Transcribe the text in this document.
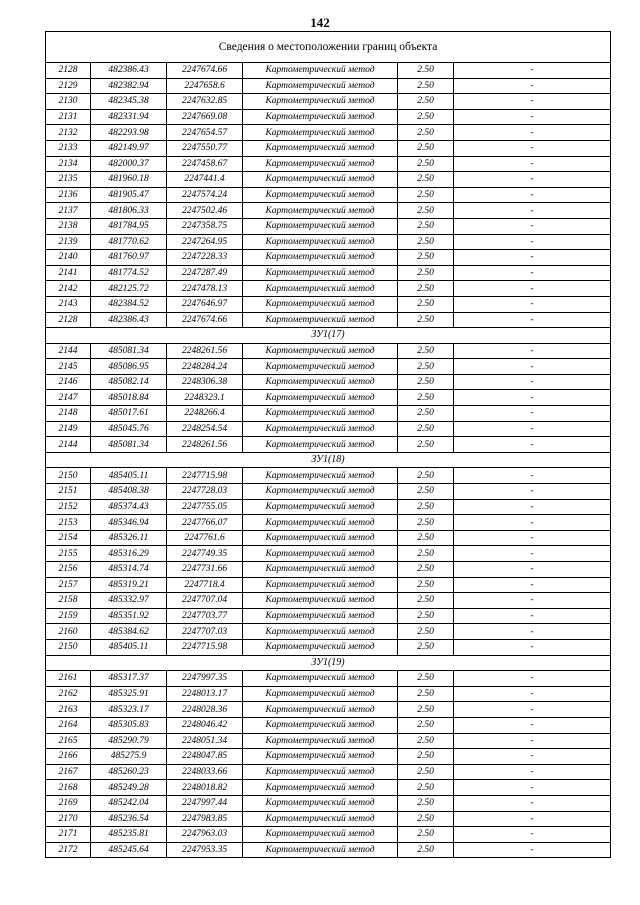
142
Сведения о местоположении границ объекта					
2128	482386.43	2247674.66	Картометрический метод	2.50	-
2129	482382.94	2247658.6	Картометрический метод	2.50	-
2130	482345.38	2247632.85	Картометрический метод	2.50	-
2131	482331.94	2247669.08	Картометрический метод	2.50	-
2132	482293.98	2247654.57	Картометрический метод	2.50	-
2133	482149.97	2247550.77	Картометрический метод	2.50	-
2134	482000.37	2247458.67	Картометрический метод	2.50	-
2135	481960.18	2247441.4	Картометрический метод	2.50	-
2136	481905.47	2247574.24	Картометрический метод	2.50	-
2137	481806.33	2247502.46	Картометрический метод	2.50	-
2138	481784.95	2247358.75	Картометрический метод	2.50	-
2139	481770.62	2247264.95	Картометрический метод	2.50	-
2140	481760.97	2247228.33	Картометрический метод	2.50	-
2141	481774.52	2247287.49	Картометрический метод	2.50	-
2142	482125.72	2247478.13	Картометрический метод	2.50	-
2143	482384.52	2247646.97	Картометрический метод	2.50	-
2128	482386.43	2247674.66	Картометрический метод	2.50	-
ЗУ1(17)					
2144	485081.34	2248261.56	Картометрический метод	2.50	-
2145	485086.95	2248284.24	Картометрический метод	2.50	-
2146	485082.14	2248306.38	Картометрический метод	2.50	-
2147	485018.84	2248323.1	Картометрический метод	2.50	-
2148	485017.61	2248266.4	Картометрический метод	2.50	-
2149	485045.76	2248254.54	Картометрический метод	2.50	-
2144	485081.34	2248261.56	Картометрический метод	2.50	-
ЗУ1(18)					
2150	485405.11	2247715.98	Картометрический метод	2.50	-
2151	485408.38	2247728.03	Картометрический метод	2.50	-
2152	485374.43	2247755.05	Картометрический метод	2.50	-
2153	485346.94	2247766.07	Картометрический метод	2.50	-
2154	485326.11	2247761.6	Картометрический метод	2.50	-
2155	485316.29	2247749.35	Картометрический метод	2.50	-
2156	485314.74	2247731.66	Картометрический метод	2.50	-
2157	485319.21	2247718.4	Картометрический метод	2.50	-
2158	485332.97	2247707.04	Картометрический метод	2.50	-
2159	485351.92	2247703.77	Картометрический метод	2.50	-
2160	485384.62	2247707.03	Картометрический метод	2.50	-
2150	485405.11	2247715.98	Картометрический метод	2.50	-
ЗУ1(19)					
2161	485317.37	2247997.35	Картометрический метод	2.50	-
2162	485325.91	2248013.17	Картометрический метод	2.50	-
2163	485323.17	2248028.36	Картометрический метод	2.50	-
2164	485305.83	2248046.42	Картометрический метод	2.50	-
2165	485290.79	2248051.34	Картометрический метод	2.50	-
2166	485275.9	2248047.85	Картометрический метод	2.50	-
2167	485260.23	2248033.66	Картометрический метод	2.50	-
2168	485249.28	2248018.82	Картометрический метод	2.50	-
2169	485242.04	2247997.44	Картометрический метод	2.50	-
2170	485236.54	2247983.85	Картометрический метод	2.50	-
2171	485235.81	2247963.03	Картометрический метод	2.50	-
2172	485245.64	2247953.35	Картометрический метод	2.50	-
